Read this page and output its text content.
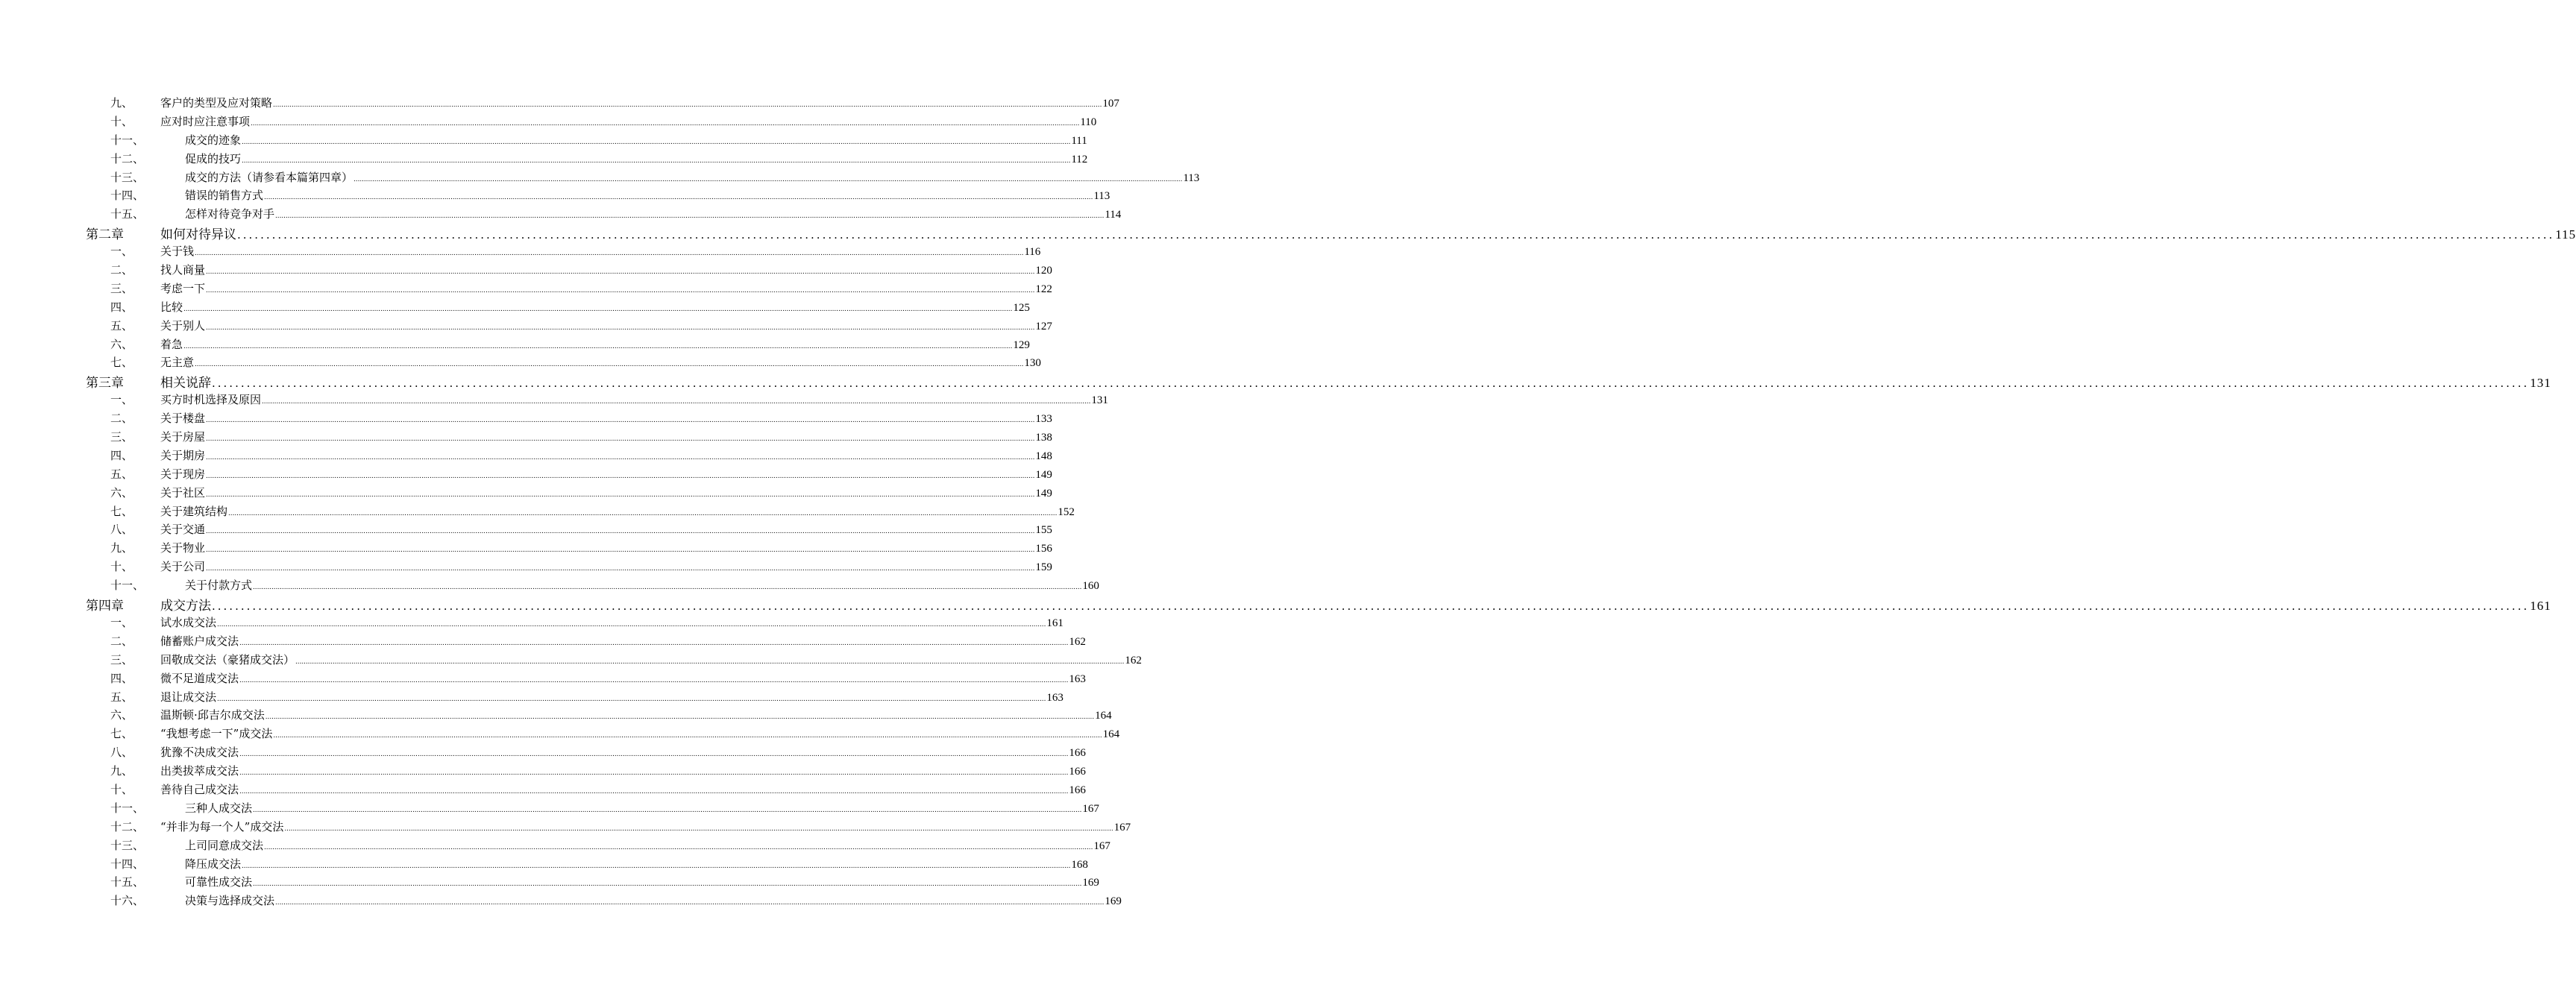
九、 客户的类型及应对策略 ................................................................................................................................................................................................................................................................................................................................................................................................................ 107
十、 应对时应注意事项 ................................................................................................................................................................................................................................................................................................................................................................................................................ 110
十一、	成交的迹象 ................................................................................................................................................................................................................................................................................................................................................................................................................ 111
十二、	促成的技巧 ................................................................................................................................................................................................................................................................................................................................................................................................................ 112
十三、	成交的方法（请参看本篇第四章） ................................................................................................................................................................................................................................................................................................................................................................................................................ 113
十四、	错误的销售方式 ................................................................................................................................................................................................................................................................................................................................................................................................................ 113
十五、	怎样对待竞争对手 ................................................................................................................................................................................................................................................................................................................................................................................................................ 114
第二章	如何对待异议 ................................................................................................................................................................................................................................................................................................................................................................................................................ 115
一、 关于钱 ................................................................................................................................................................................................................................................................................................................................................................................................................ 116
二、 找人商量 ................................................................................................................................................................................................................................................................................................................................................................................................................ 120
三、 考虑一下 ................................................................................................................................................................................................................................................................................................................................................................................................................ 122
四、 比较 ................................................................................................................................................................................................................................................................................................................................................................................................................ 125
五、 关于别人 ................................................................................................................................................................................................................................................................................................................................................................................................................ 127
六、 着急 ................................................................................................................................................................................................................................................................................................................................................................................................................ 129
七、 无主意 ................................................................................................................................................................................................................................................................................................................................................................................................................ 130
第三章	相关说辞 ................................................................................................................................................................................................................................................................................................................................................................................................................ 131
一、 买方时机选择及原因 ................................................................................................................................................................................................................................................................................................................................................................................................................ 131
二、 关于楼盘 ................................................................................................................................................................................................................................................................................................................................................................................................................ 133
三、 关于房屋 ................................................................................................................................................................................................................................................................................................................................................................................................................ 138
四、 关于期房 ................................................................................................................................................................................................................................................................................................................................................................................................................ 148
五、 关于现房 ................................................................................................................................................................................................................................................................................................................................................................................................................ 149
六、 关于社区 ................................................................................................................................................................................................................................................................................................................................................................................................................ 149
七、 关于建筑结构 ................................................................................................................................................................................................................................................................................................................................................................................................................ 152
八、 关于交通 ................................................................................................................................................................................................................................................................................................................................................................................................................ 155
九、 关于物业 ................................................................................................................................................................................................................................................................................................................................................................................................................ 156
十、 关于公司 ................................................................................................................................................................................................................................................................................................................................................................................................................ 159
十一、	关于付款方式 ................................................................................................................................................................................................................................................................................................................................................................................................................ 160
第四章	成交方法 ................................................................................................................................................................................................................................................................................................................................................................................................................ 161
一、 试水成交法 ................................................................................................................................................................................................................................................................................................................................................................................................................ 161
二、 储蓄账户成交法 ................................................................................................................................................................................................................................................................................................................................................................................................................ 162
三、 回敬成交法（豪猪成交法） ................................................................................................................................................................................................................................................................................................................................................................................................................ 162
四、 微不足道成交法 ................................................................................................................................................................................................................................................................................................................................................................................................................ 163
五、 退让成交法 ................................................................................................................................................................................................................................................................................................................................................................................................................ 163
六、 温斯顿·邱吉尔成交法 ................................................................................................................................................................................................................................................................................................................................................................................................................ 164
七、 “我想考虑一下”成交法 ................................................................................................................................................................................................................................................................................................................................................................................................................ 164
八、 犹豫不决成交法 ................................................................................................................................................................................................................................................................................................................................................................................................................ 166
九、 出类拔萃成交法 ................................................................................................................................................................................................................................................................................................................................................................................................................ 166
十、 善待自己成交法 ................................................................................................................................................................................................................................................................................................................................................................................................................ 166
十一、	三种人成交法 ................................................................................................................................................................................................................................................................................................................................................................................................................ 167
十二、 “并非为每一个人”成交法 ................................................................................................................................................................................................................................................................................................................................................................................................................ 167
十三、	上司同意成交法 ................................................................................................................................................................................................................................................................................................................................................................................................................ 167
十四、	降压成交法 ................................................................................................................................................................................................................................................................................................................................................................................................................ 168
十五、	可靠性成交法 ................................................................................................................................................................................................................................................................................................................................................................................................................ 169
十六、	决策与选择成交法 ................................................................................................................................................................................................................................................................................................................................................................................................................ 169
